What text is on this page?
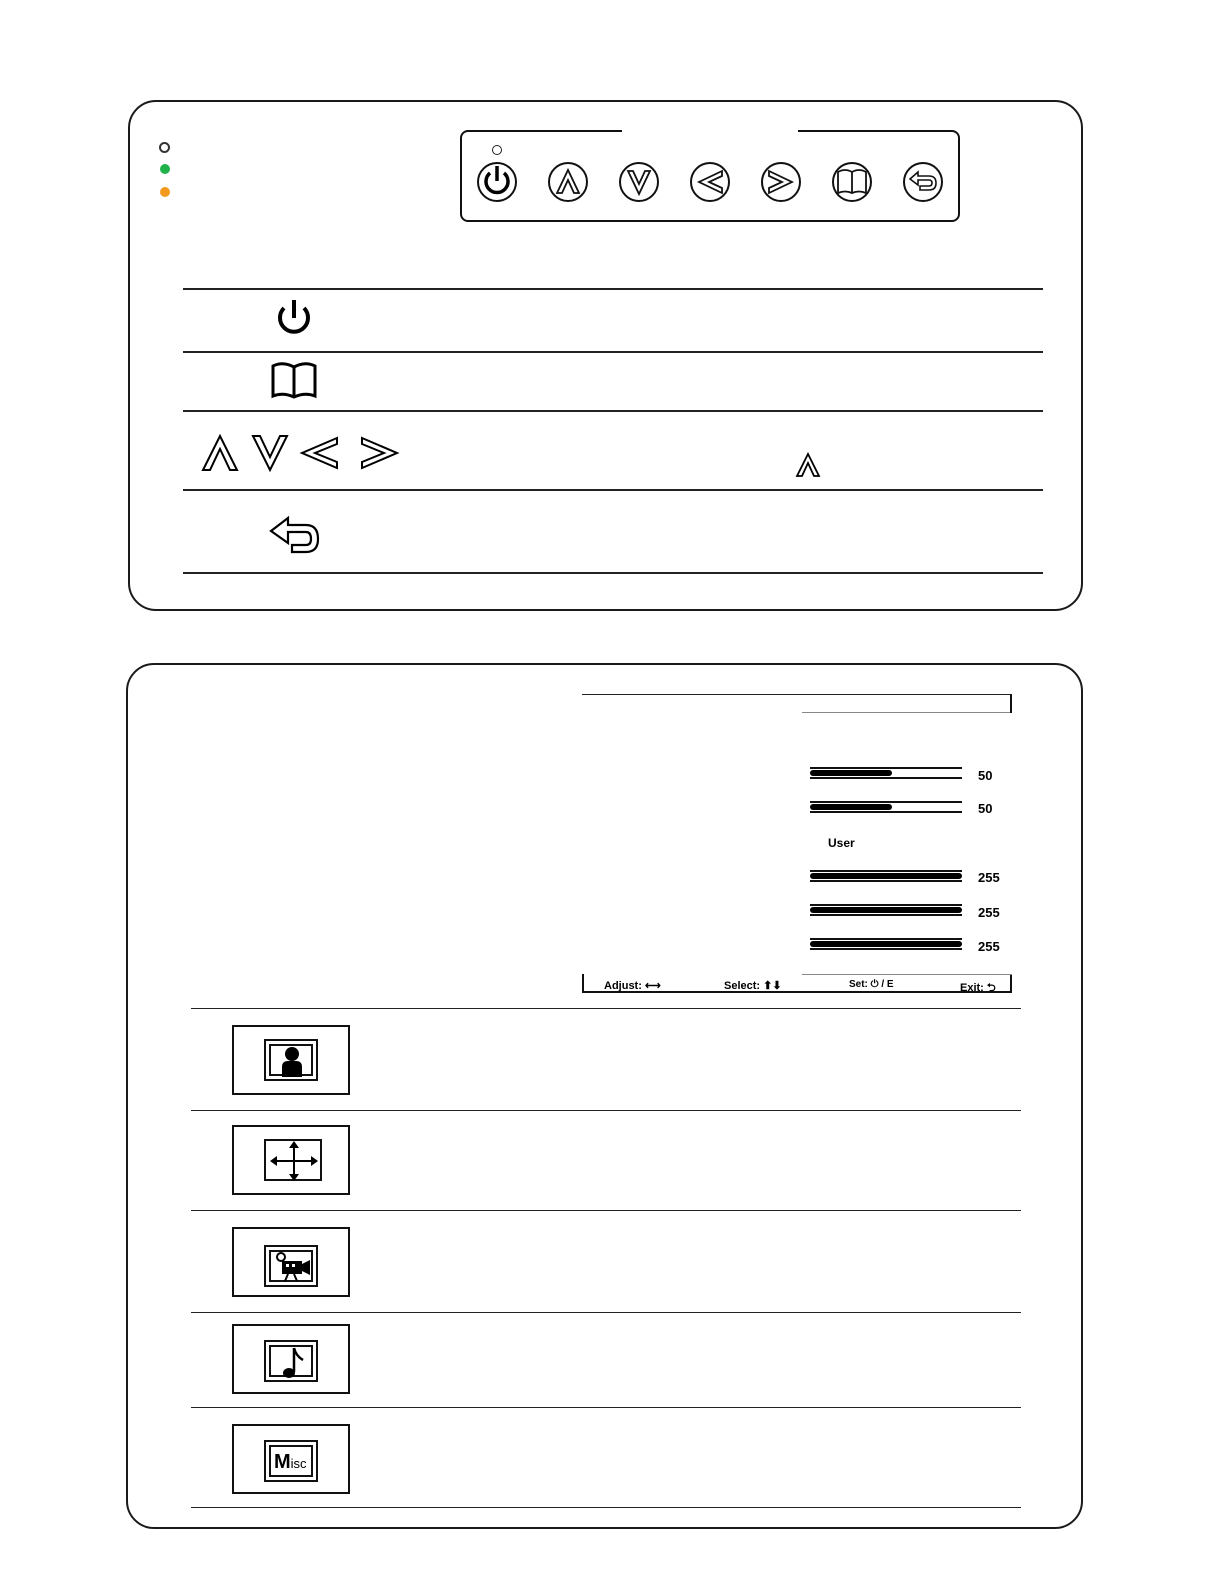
50
50
User
255
255
255
Adjust: ⟷	Select: ⬆⬇	Set: ⏻ / E	Exit: ⮌
Misc
